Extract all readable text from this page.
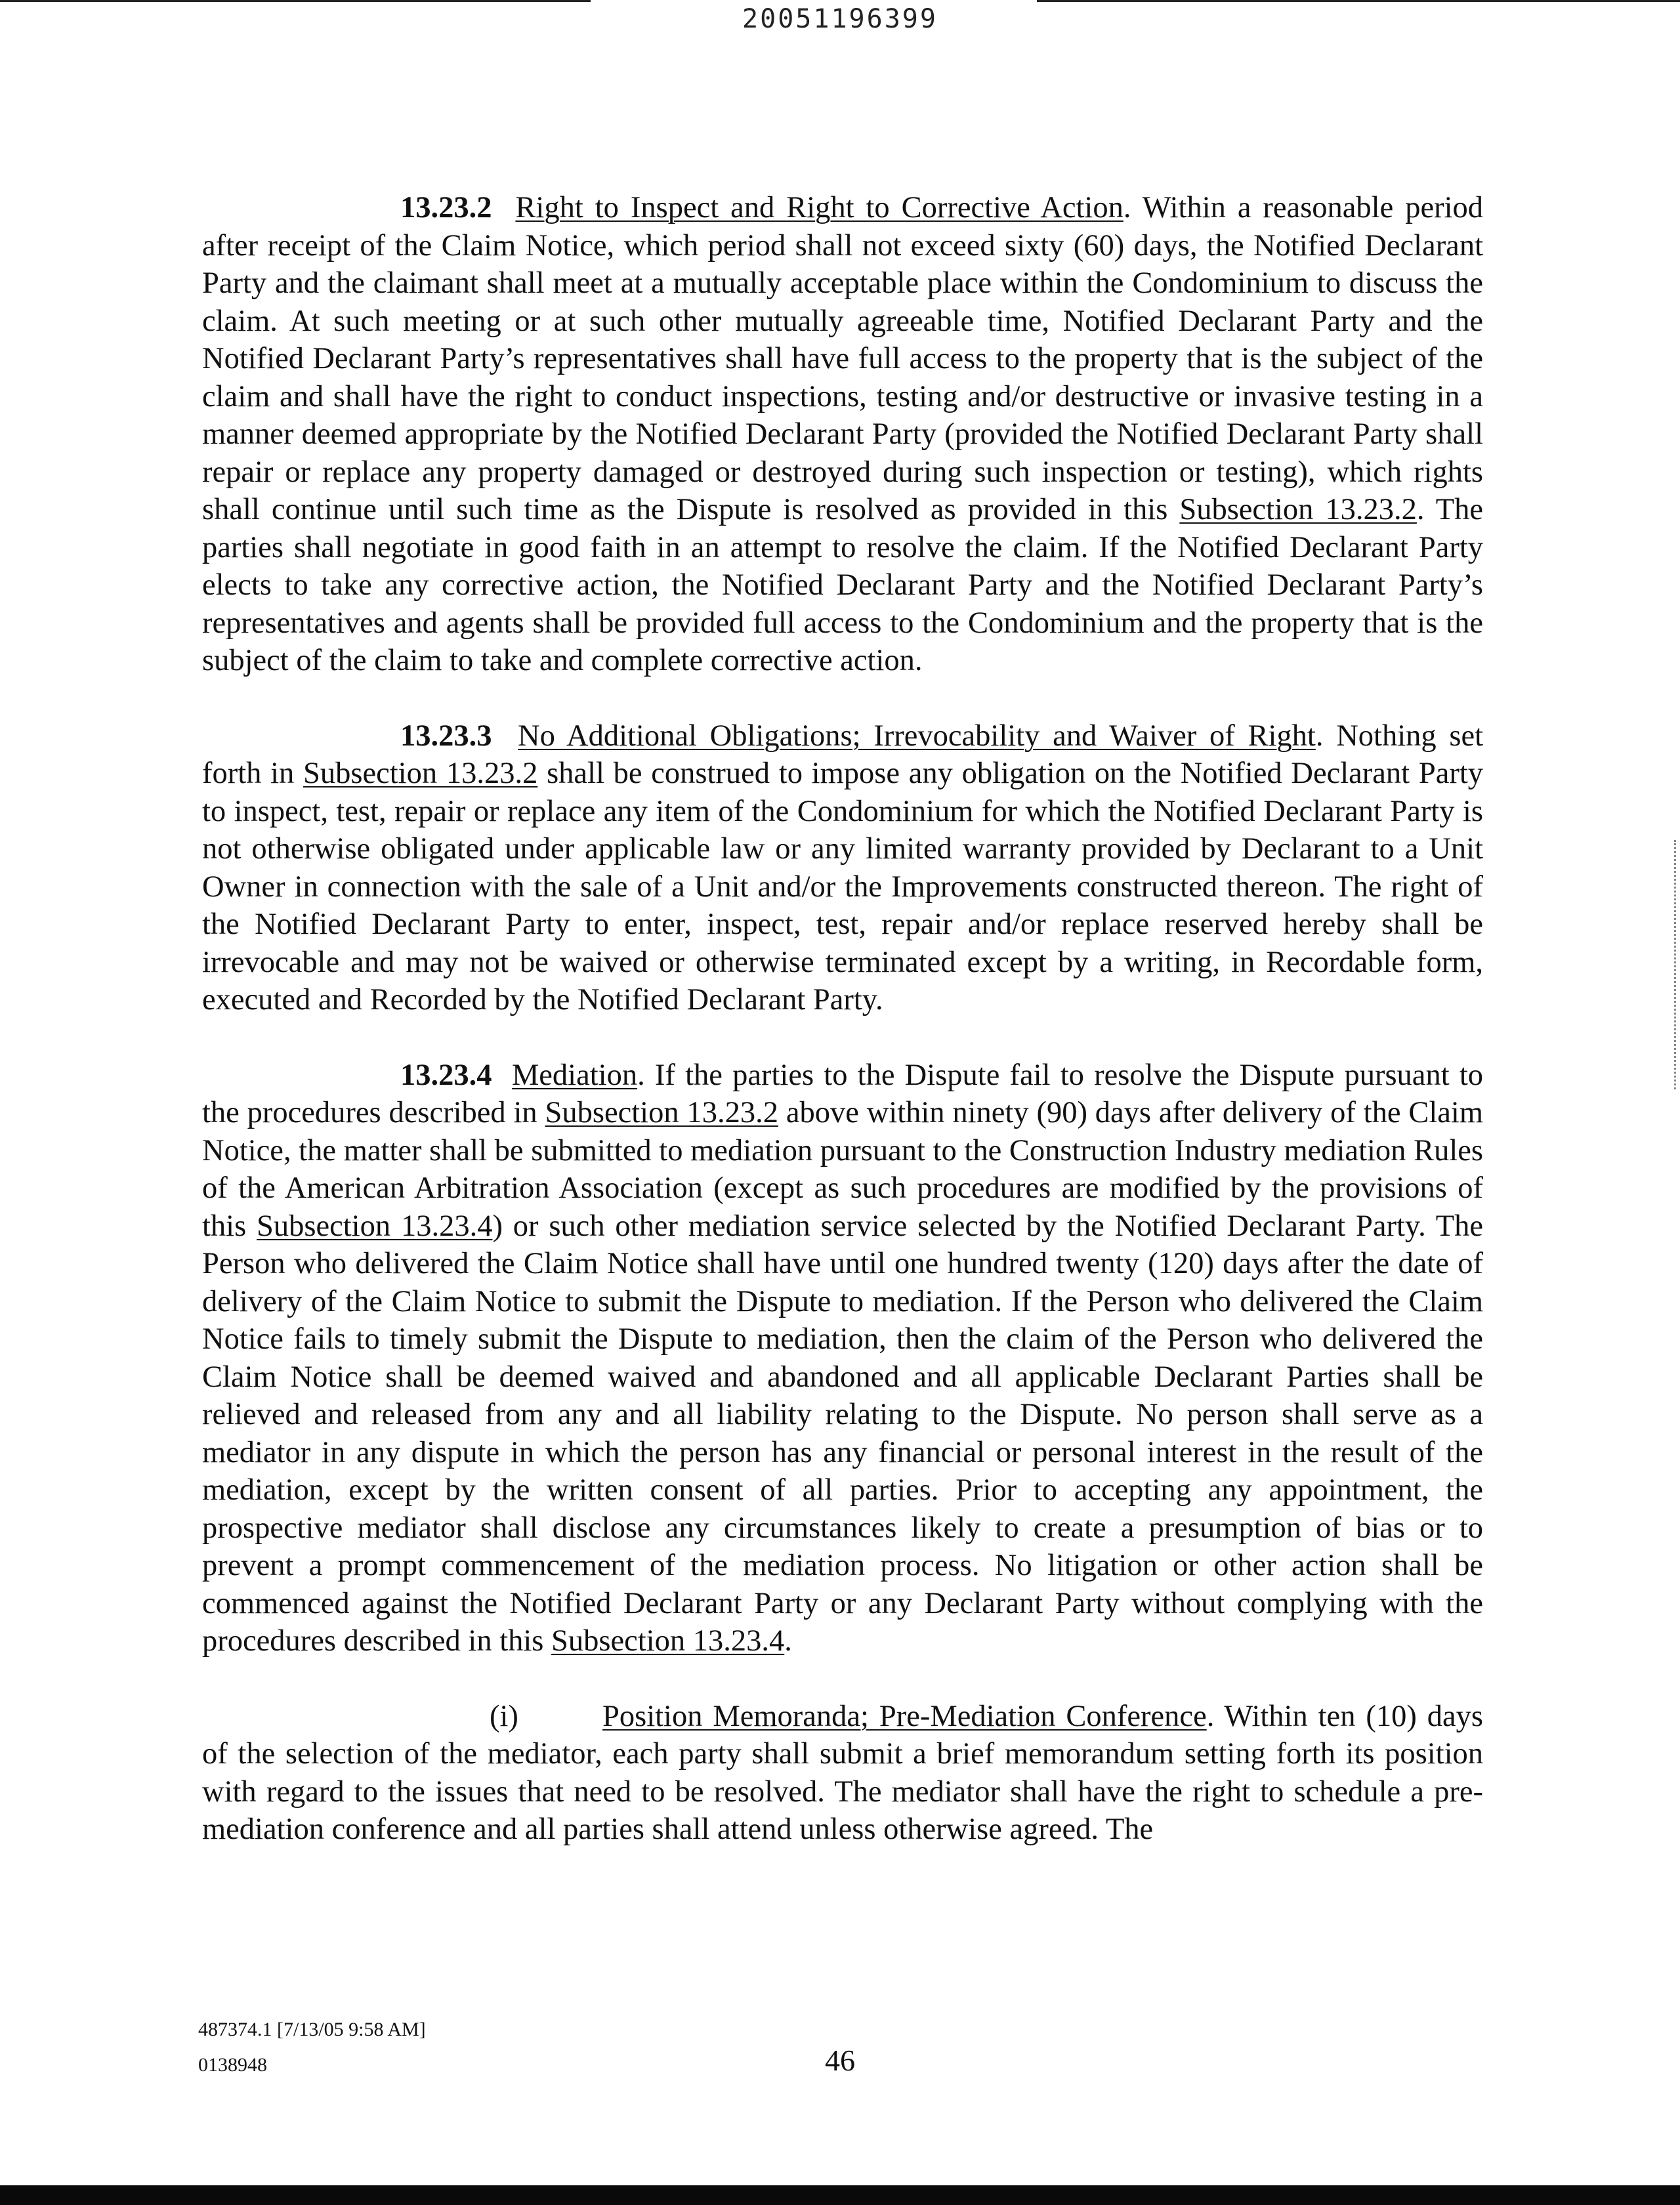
20051196399

13.23.2 Right to Inspect and Right to Corrective Action. Within a reasonable period after receipt of the Claim Notice, which period shall not exceed sixty (60) days, the Notified Declarant Party and the claimant shall meet at a mutually acceptable place within the Condominium to discuss the claim. At such meeting or at such other mutually agreeable time, Notified Declarant Party and the Notified Declarant Party’s representatives shall have full access to the property that is the subject of the claim and shall have the right to conduct inspections, testing and/or destructive or invasive testing in a manner deemed appropriate by the Notified Declarant Party (provided the Notified Declarant Party shall repair or replace any property damaged or destroyed during such inspection or testing), which rights shall continue until such time as the Dispute is resolved as provided in this Subsection 13.23.2. The parties shall negotiate in good faith in an attempt to resolve the claim. If the Notified Declarant Party elects to take any corrective action, the Notified Declarant Party and the Notified Declarant Party’s representatives and agents shall be provided full access to the Condominium and the property that is the subject of the claim to take and complete corrective action.

13.23.3 No Additional Obligations; Irrevocability and Waiver of Right. Nothing set forth in Subsection 13.23.2 shall be construed to impose any obligation on the Notified Declarant Party to inspect, test, repair or replace any item of the Condominium for which the Notified Declarant Party is not otherwise obligated under applicable law or any limited warranty provided by Declarant to a Unit Owner in connection with the sale of a Unit and/or the Improvements constructed thereon. The right of the Notified Declarant Party to enter, inspect, test, repair and/or replace reserved hereby shall be irrevocable and may not be waived or otherwise terminated except by a writing, in Recordable form, executed and Recorded by the Notified Declarant Party.

13.23.4 Mediation. If the parties to the Dispute fail to resolve the Dispute pursuant to the procedures described in Subsection 13.23.2 above within ninety (90) days after delivery of the Claim Notice, the matter shall be submitted to mediation pursuant to the Construction Industry mediation Rules of the American Arbitration Association (except as such procedures are modified by the provisions of this Subsection 13.23.4) or such other mediation service selected by the Notified Declarant Party. The Person who delivered the Claim Notice shall have until one hundred twenty (120) days after the date of delivery of the Claim Notice to submit the Dispute to mediation. If the Person who delivered the Claim Notice fails to timely submit the Dispute to mediation, then the claim of the Person who delivered the Claim Notice shall be deemed waived and abandoned and all applicable Declarant Parties shall be relieved and released from any and all liability relating to the Dispute. No person shall serve as a mediator in any dispute in which the person has any financial or personal interest in the result of the mediation, except by the written consent of all parties. Prior to accepting any appointment, the prospective mediator shall disclose any circumstances likely to create a presumption of bias or to prevent a prompt commencement of the mediation process. No litigation or other action shall be commenced against the Notified Declarant Party or any Declarant Party without complying with the procedures described in this Subsection 13.23.4.

(i)	Position Memoranda; Pre-Mediation Conference. Within ten (10) days of the selection of the mediator, each party shall submit a brief memorandum setting forth its position with regard to the issues that need to be resolved. The mediator shall have the right to schedule a pre-mediation conference and all parties shall attend unless otherwise agreed. The

487374.1 [7/13/05 9:58 AM]
0138948	46
